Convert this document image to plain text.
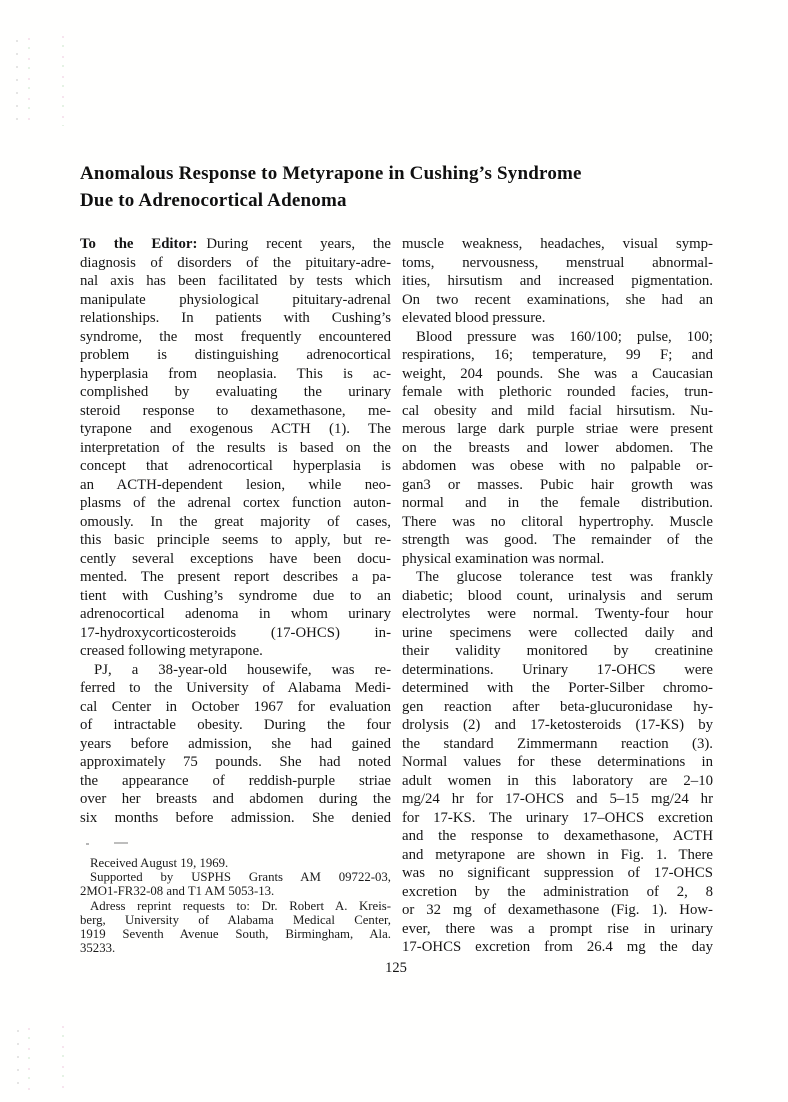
Anomalous Response to Metyrapone in Cushing’s Syndrome
Due to Adrenocortical Adenoma
To the Editor: During recent years, the
diagnosis of disorders of the pituitary-adre-
nal axis has been facilitated by tests which
manipulate physiological pituitary-adrenal
relationships. In patients with Cushing’s
syndrome, the most frequently encountered
problem is distinguishing adrenocortical
hyperplasia from neoplasia. This is ac-
complished by evaluating the urinary
steroid response to dexamethasone, me-
tyrapone and exogenous ACTH (1). The
interpretation of the results is based on the
concept that adrenocortical hyperplasia is
an ACTH-dependent lesion, while neo-
plasms of the adrenal cortex function auton-
omously. In the great majority of cases,
this basic principle seems to apply, but re-
cently several exceptions have been docu-
mented. The present report describes a pa-
tient with Cushing’s syndrome due to an
adrenocortical adenoma in whom urinary
17-hydroxycorticosteroids (17-OHCS) in-
creased following metyrapone.
PJ, a 38-year-old housewife, was re-
ferred to the University of Alabama Medi-
cal Center in October 1967 for evaluation
of intractable obesity. During the four
years before admission, she had gained
approximately 75 pounds. She had noted
the appearance of reddish-purple striae
over her breasts and abdomen during the
six months before admission. She denied
muscle weakness, headaches, visual symp-
toms, nervousness, menstrual abnormal-
ities, hirsutism and increased pigmentation.
On two recent examinations, she had an
elevated blood pressure.
Blood pressure was 160/100; pulse, 100;
respirations, 16; temperature, 99 F; and
weight, 204 pounds. She was a Caucasian
female with plethoric rounded facies, trun-
cal obesity and mild facial hirsutism. Nu-
merous large dark purple striae were present
on the breasts and lower abdomen. The
abdomen was obese with no palpable or-
gan3 or masses. Pubic hair growth was
normal and in the female distribution.
There was no clitoral hypertrophy. Muscle
strength was good. The remainder of the
physical examination was normal.
The glucose tolerance test was frankly
diabetic; blood count, urinalysis and serum
electrolytes were normal. Twenty-four hour
urine specimens were collected daily and
their validity monitored by creatinine
determinations. Urinary 17-OHCS were
determined with the Porter-Silber chromo-
gen reaction after beta-glucuronidase hy-
drolysis (2) and 17-ketosteroids (17-KS) by
the standard Zimmermann reaction (3).
Normal values for these determinations in
adult women in this laboratory are 2–10
mg/24 hr for 17-OHCS and 5–15 mg/24 hr
for 17-KS. The urinary 17–OHCS excretion
and the response to dexamethasone, ACTH
and metyrapone are shown in Fig. 1. There
was no significant suppression of 17-OHCS
excretion by the administration of 2, 8
or 32 mg of dexamethasone (Fig. 1). How-
ever, there was a prompt rise in urinary
17-OHCS excretion from 26.4 mg the day
Received August 19, 1969.
Supported by USPHS Grants AM 09722-03,
2MO1-FR32-08 and T1 AM 5053-13.
Adress reprint requests to: Dr. Robert A. Kreis-
berg, University of Alabama Medical Center,
1919 Seventh Avenue South, Birmingham, Ala.
35233.
125
